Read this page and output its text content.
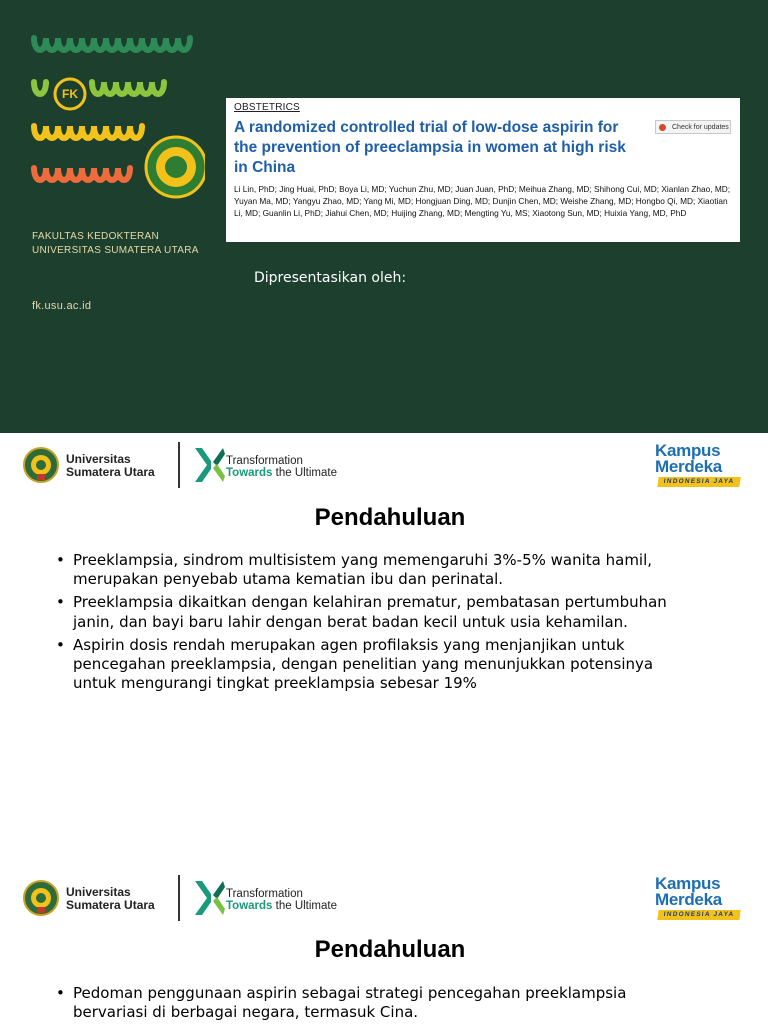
FK
FAKULTAS KEDOKTERAN
UNIVERSITAS SUMATERA UTARA
fk.usu.ac.id
OBSTETRICS
A randomized controlled trial of low-dose aspirin for the prevention of preeclampsia in women at high risk in China
Check for updates
Li Lin, PhD; Jing Huai, PhD; Boya Li, MD; Yuchun Zhu, MD; Juan Juan, PhD; Meihua Zhang, MD; Shihong Cui, MD; Xianlan Zhao, MD; Yuyan Ma, MD; Yangyu Zhao, MD; Yang Mi, MD; Hongjuan Ding, MD; Dunjin Chen, MD; Weishe Zhang, MD; Hongbo Qi, MD; Xiaotian Li, MD; Guanlin Li, PhD; Jiahui Chen, MD; Huijing Zhang, MD; Mengting Yu, MS; Xiaotong Sun, MD; Huixia Yang, MD, PhD
Dipresentasikan oleh:
Universitas
Sumatera Utara
Transformation
Towards the Ultimate
Kampus
Merdeka
INDONESIA JAYA
Pendahuluan
• Preeklampsia, sindrom multisistem yang memengaruhi 3%-5% wanita hamil, merupakan penyebab utama kematian ibu dan perinatal.
• Preeklampsia dikaitkan dengan kelahiran prematur, pembatasan pertumbuhan janin, dan bayi baru lahir dengan berat badan kecil untuk usia kehamilan.
• Aspirin dosis rendah merupakan agen profilaksis yang menjanjikan untuk pencegahan preeklampsia, dengan penelitian yang menunjukkan potensinya untuk mengurangi tingkat preeklampsia sebesar 19%
Universitas
Sumatera Utara
Transformation
Towards the Ultimate
Kampus
Merdeka
INDONESIA JAYA
Pendahuluan
• Pedoman penggunaan aspirin sebagai strategi pencegahan preeklampsia bervariasi di berbagai negara, termasuk Cina.
